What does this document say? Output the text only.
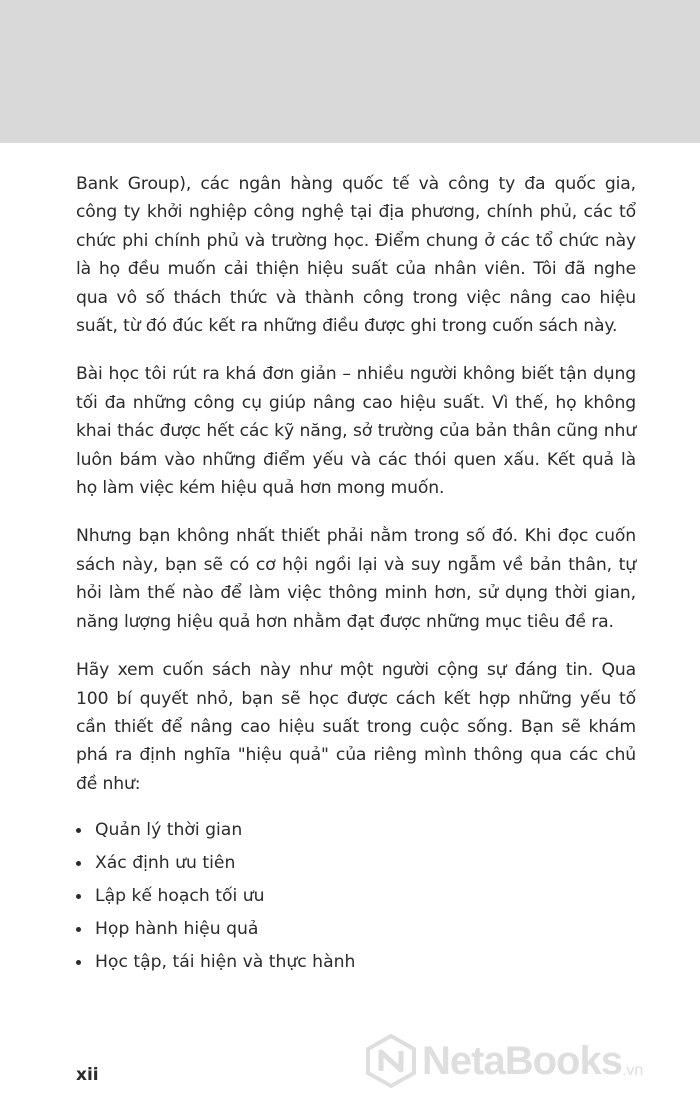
Bank Group), các ngân hàng quốc tế và công ty đa quốc gia, công ty khởi nghiệp công nghệ tại địa phương, chính phủ, các tổ chức phi chính phủ và trường học. Điểm chung ở các tổ chức này là họ đều muốn cải thiện hiệu suất của nhân viên. Tôi đã nghe qua vô số thách thức và thành công trong việc nâng cao hiệu suất, từ đó đúc kết ra những điều được ghi trong cuốn sách này.

Bài học tôi rút ra khá đơn giản – nhiều người không biết tận dụng tối đa những công cụ giúp nâng cao hiệu suất. Vì thế, họ không khai thác được hết các kỹ năng, sở trường của bản thân cũng như luôn bám vào những điểm yếu và các thói quen xấu. Kết quả là họ làm việc kém hiệu quả hơn mong muốn.

Nhưng bạn không nhất thiết phải nằm trong số đó. Khi đọc cuốn sách này, bạn sẽ có cơ hội ngồi lại và suy ngẫm về bản thân, tự hỏi làm thế nào để làm việc thông minh hơn, sử dụng thời gian, năng lượng hiệu quả hơn nhằm đạt được những mục tiêu đề ra.

Hãy xem cuốn sách này như một người cộng sự đáng tin. Qua 100 bí quyết nhỏ, bạn sẽ học được cách kết hợp những yếu tố cần thiết để nâng cao hiệu suất trong cuộc sống. Bạn sẽ khám phá ra định nghĩa "hiệu quả" của riêng mình thông qua các chủ đề như:

Quản lý thời gian
Xác định ưu tiên
Lập kế hoạch tối ưu
Họp hành hiệu quả
Học tập, tái hiện và thực hành
xii	NetaBooks .vn
